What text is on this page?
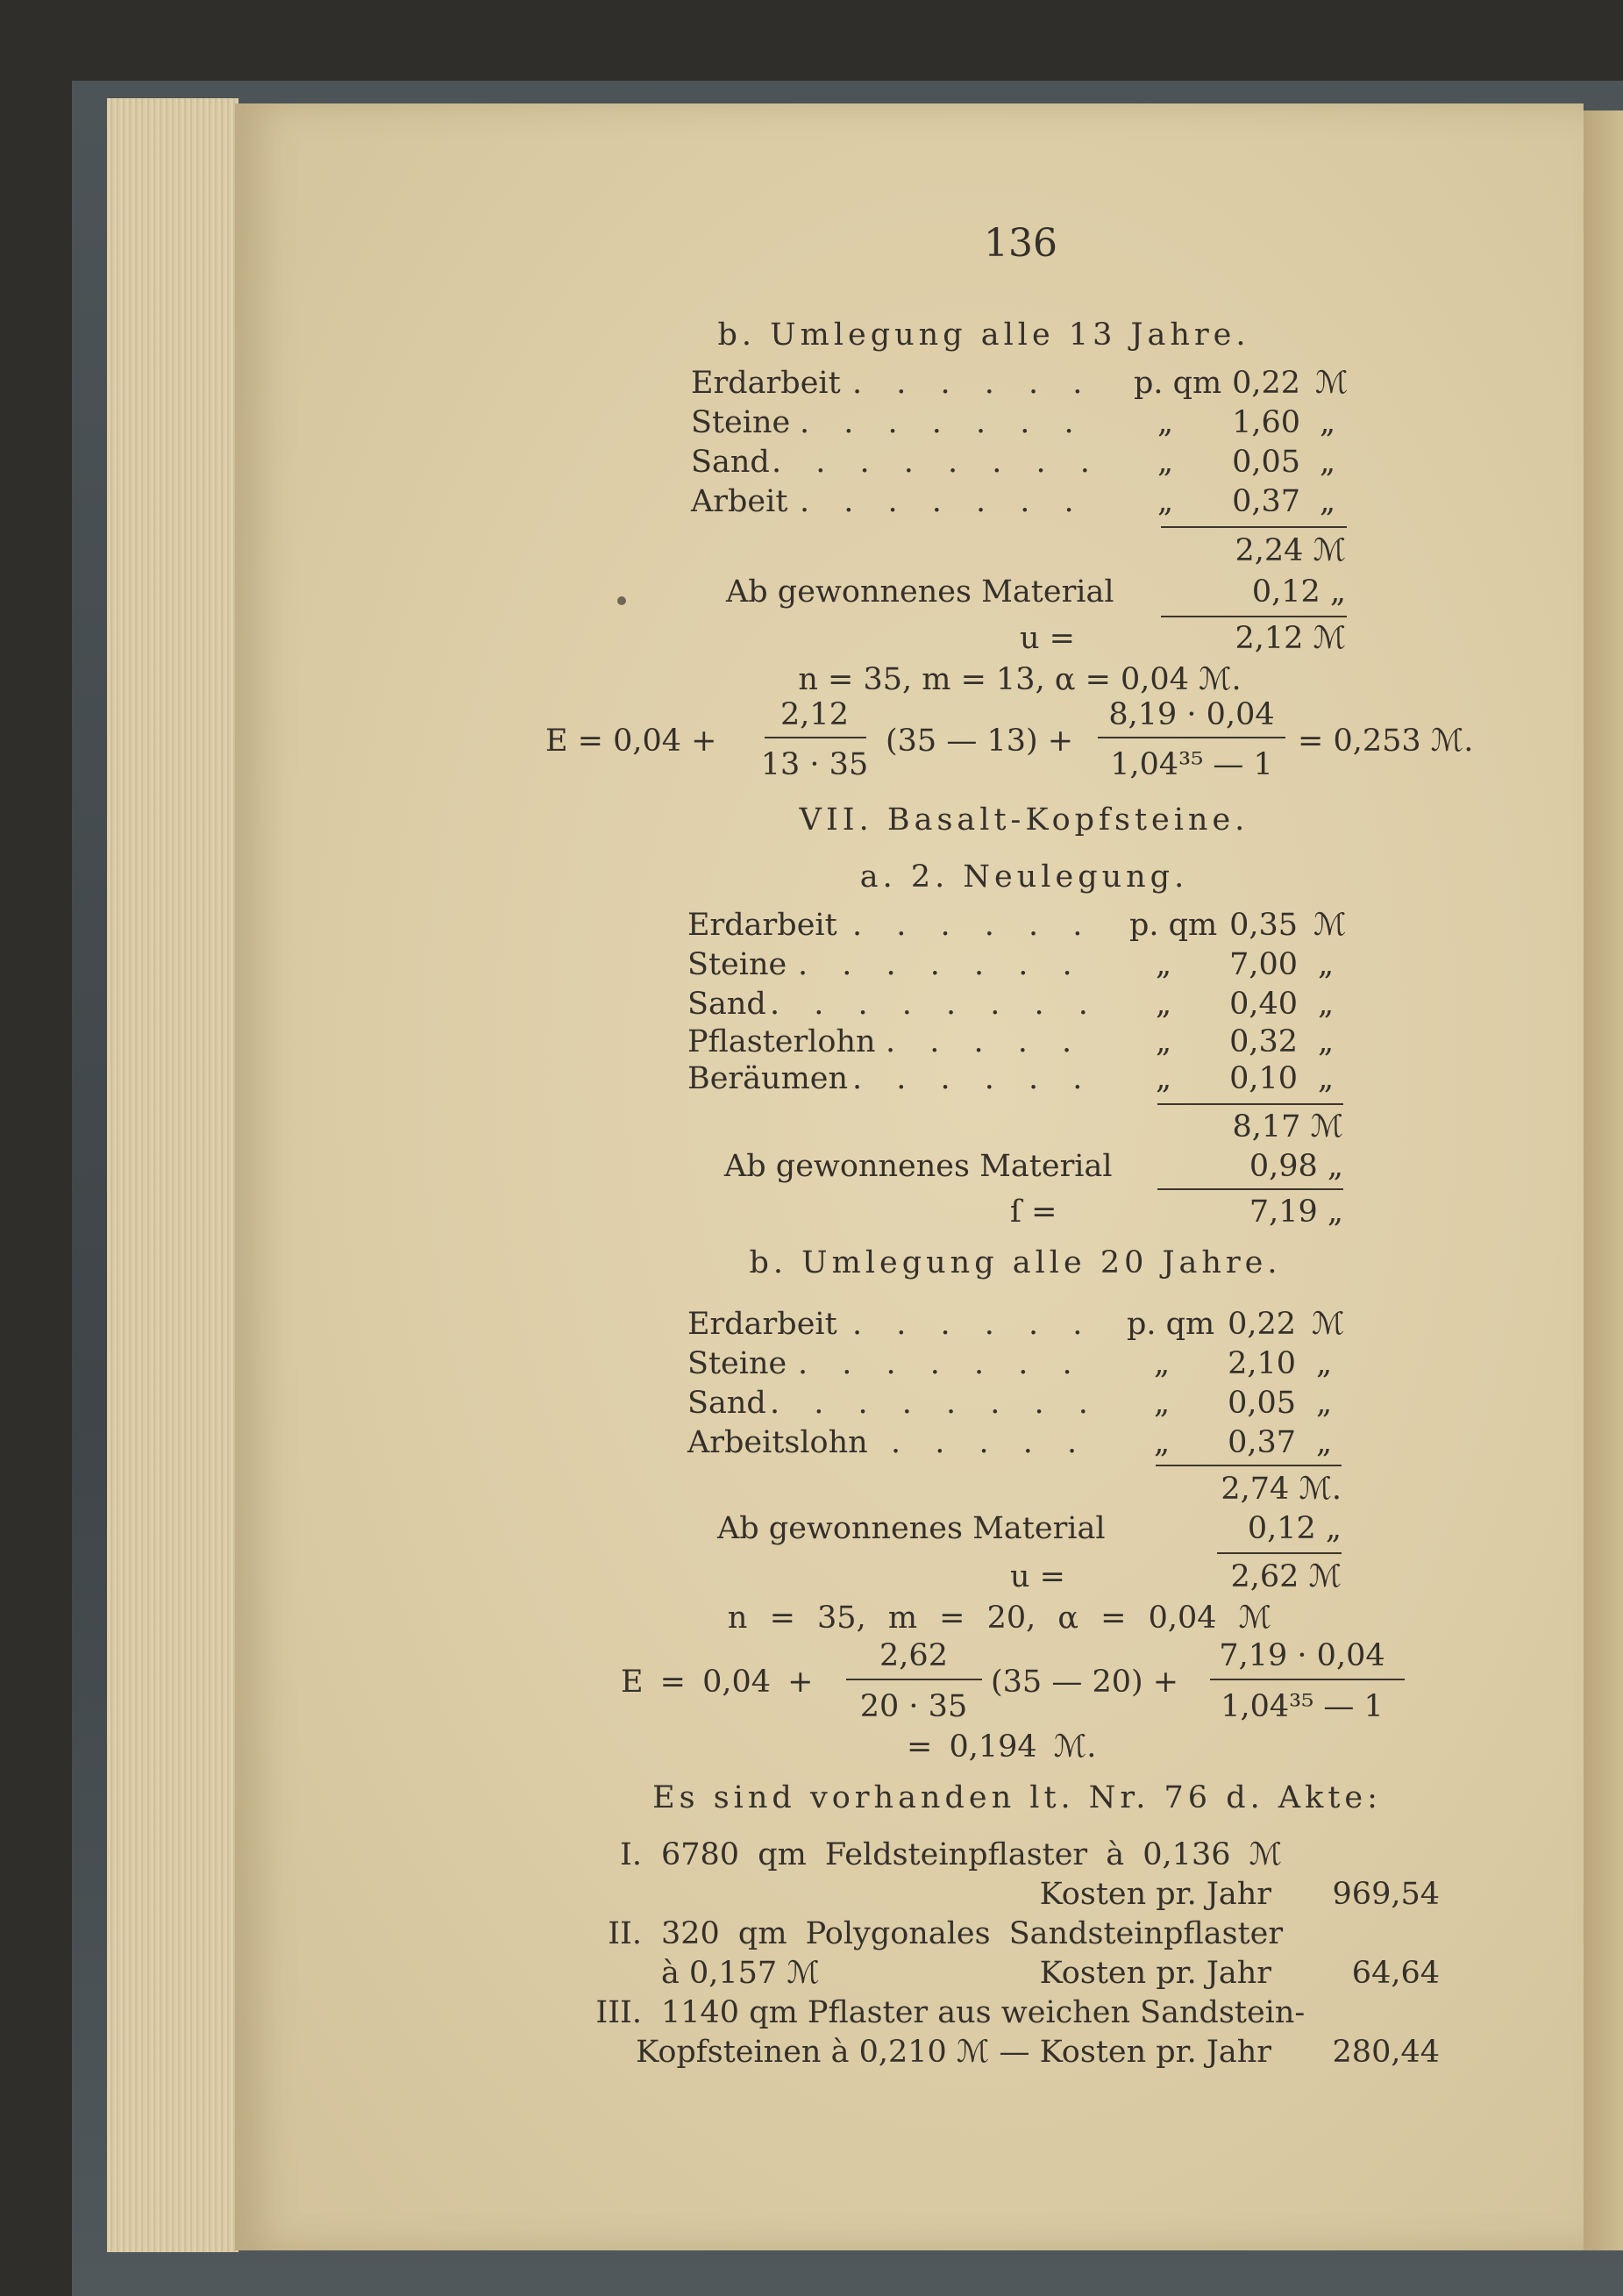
136
b. Umlegung alle 13 Jahre.
Erdarbeit . . . . . . p. qm 0,22 ℳ
Steine . . . . . . . „ 1,60 „
Sand . . . . . . . . „ 0,05 „
Arbeit . . . . . . . „ 0,37 „
2,24 ℳ
Ab gewonnenes Material	0,12 „
u =	2,12 ℳ
n = 35, m = 13, α = 0,04 ℳ.
E = 0,04 +
2,12
13 · 35
(35 — 13) +
8,19 · 0,04
1,04³⁵ — 1
= 0,253 ℳ.
VII. Basalt-Kopfsteine.
a. 2. Neulegung.
Erdarbeit . . . . . . p. qm 0,35 ℳ
Steine . . . . . . . „ 7,00 „
Sand . . . . . . . . „ 0,40 „
Pflasterlohn . . . . . „ 0,32 „
Beräumen . . . . . . „ 0,10 „
8,17 ℳ
Ab gewonnenes Material	0,98 „
ſ =	7,19 „
b. Umlegung alle 20 Jahre.
Erdarbeit . . . . . . p. qm 0,22 ℳ
Steine . . . . . . . „ 2,10 „
Sand . . . . . . . . „ 0,05 „
Arbeitslohn . . . . . „ 0,37 „
2,74 ℳ.
Ab gewonnenes Material	0,12 „
u =	2,62 ℳ
n = 35, m = 20, α = 0,04 ℳ
E = 0,04 +
2,62
20 · 35
(35 — 20) +
7,19 · 0,04
1,04³⁵ — 1
= 0,194 ℳ.
Es sind vorhanden lt. Nr. 76 d. Akte:
I. 6780 qm Feldsteinpflaster à 0,136 ℳ
Kosten pr. Jahr 969,54
II. 320 qm Polygonales Sandsteinpflaster
à 0,157 ℳ	Kosten pr. Jahr	64,64
III. 1140 qm Pflaster aus weichen Sandstein-
Kopfsteinen à 0,210 ℳ — Kosten pr. Jahr 280,44
